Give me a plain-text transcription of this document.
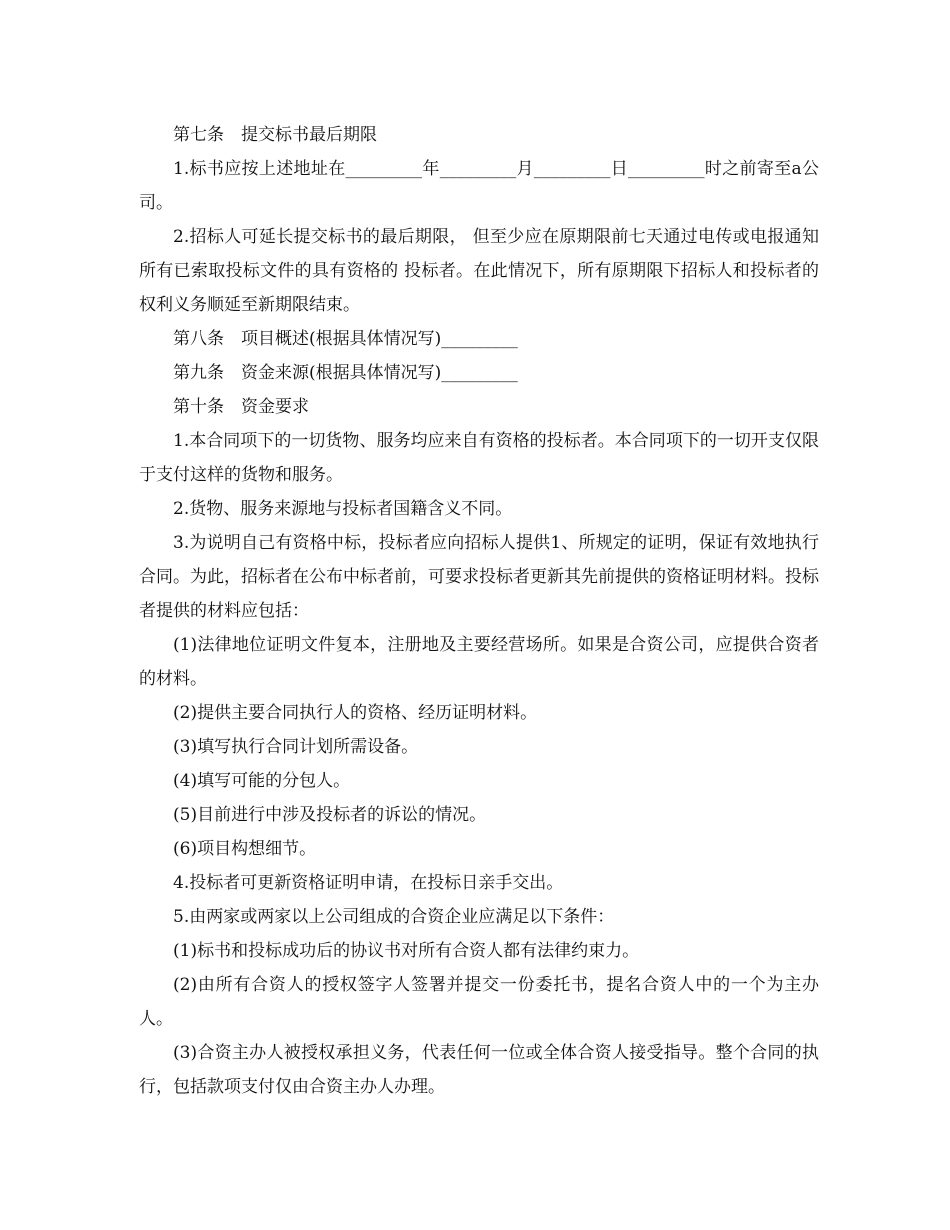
第七条　提交标书最后期限

1.标书应按上述地址在_________年_________月_________日_________时之前寄至a公司。

2.招标人可延长提交标书的最后期限， 但至少应在原期限前七天通过电传或电报通知所有已索取投标文件的具有资格的 投标者。在此情况下，所有原期限下招标人和投标者的权利义务顺延至新期限结束。

第八条　项目概述(根据具体情况写)_________

第九条　资金来源(根据具体情况写)_________

第十条　资金要求

1.本合同项下的一切货物、服务均应来自有资格的投标者。本合同项下的一切开支仅限于支付这样的货物和服务。

2.货物、服务来源地与投标者国籍含义不同。

3.为说明自己有资格中标，投标者应向招标人提供1、所规定的证明，保证有效地执行合同。为此，招标者在公布中标者前，可要求投标者更新其先前提供的资格证明材料。投标者提供的材料应包括：

(1)法律地位证明文件复本，注册地及主要经营场所。如果是合资公司，应提供合资者的材料。

(2)提供主要合同执行人的资格、经历证明材料。

(3)填写执行合同计划所需设备。

(4)填写可能的分包人。

(5)目前进行中涉及投标者的诉讼的情况。

(6)项目构想细节。

4.投标者可更新资格证明申请，在投标日亲手交出。

5.由两家或两家以上公司组成的合资企业应满足以下条件：

(1)标书和投标成功后的协议书对所有合资人都有法律约束力。

(2)由所有合资人的授权签字人签署并提交一份委托书，提名合资人中的一个为主办人。

(3)合资主办人被授权承担义务，代表任何一位或全体合资人接受指导。整个合同的执行，包括款项支付仅由合资主办人办理。
